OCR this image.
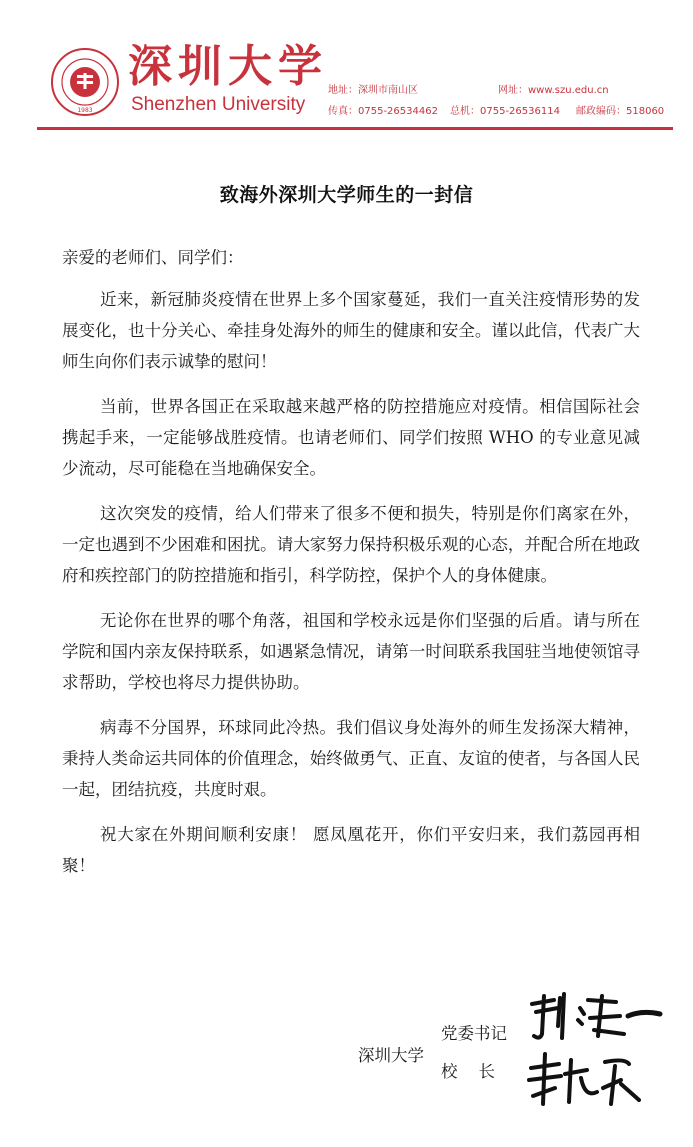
1983
深圳大学
Shenzhen University
地址：深圳市南山区	网址：www.szu.edu.cn
传真：0755-26534462 总机：0755-26536114 邮政编码：518060
致海外深圳大学师生的一封信

亲爱的老师们、同学们：

近来，新冠肺炎疫情在世界上多个国家蔓延，我们一直关注疫情形势的发展变化，也十分关心、牵挂身处海外的师生的健康和安全。谨以此信，代表广大师生向你们表示诚挚的慰问！

当前，世界各国正在采取越来越严格的防控措施应对疫情。相信国际社会携起手来，一定能够战胜疫情。也请老师们、同学们按照 WHO 的专业意见减少流动，尽可能稳在当地确保安全。

这次突发的疫情，给人们带来了很多不便和损失，特别是你们离家在外，一定也遇到不少困难和困扰。请大家努力保持积极乐观的心态，并配合所在地政府和疾控部门的防控措施和指引，科学防控，保护个人的身体健康。

无论你在世界的哪个角落，祖国和学校永远是你们坚强的后盾。请与所在学院和国内亲友保持联系，如遇紧急情况，请第一时间联系我国驻当地使领馆寻求帮助，学校也将尽力提供协助。

病毒不分国界，环球同此冷热。我们倡议身处海外的师生发扬深大精神，秉持人类命运共同体的价值理念，始终做勇气、正直、友谊的使者，与各国人民一起，团结抗疫，共度时艰。

祝大家在外期间顺利安康！ 愿凤凰花开，你们平安归来，我们荔园再相聚！

深圳大学
党委书记
校    长
